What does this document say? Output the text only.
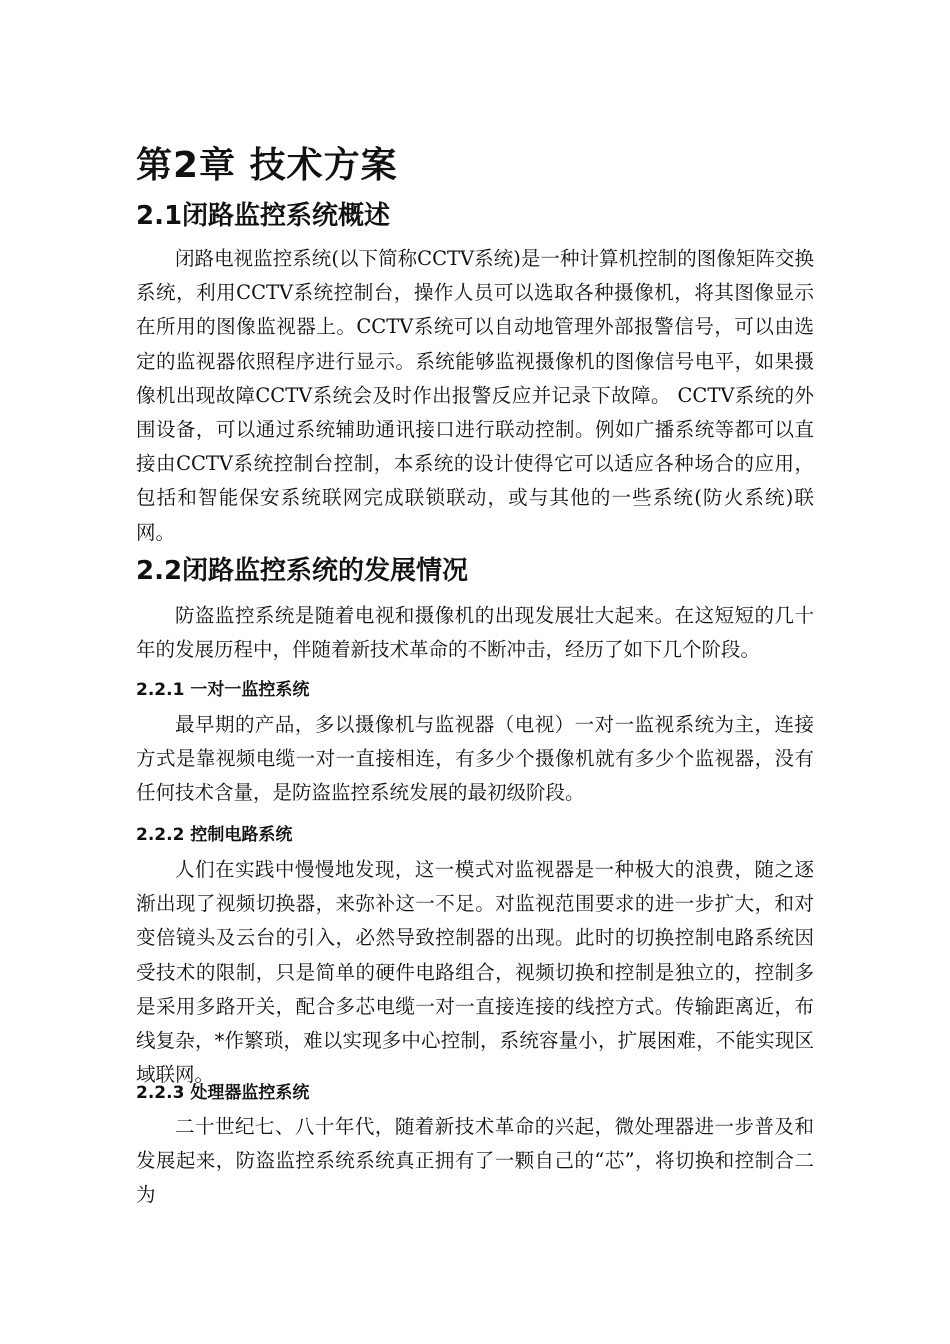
第2章 技术方案
2.1闭路监控系统概述

闭路电视监控系统(以下简称CCTV系统)是一种计算机控制的图像矩阵交换系统，利用CCTV系统控制台，操作人员可以选取各种摄像机，将其图像显示在所用的图像监视器上。CCTV系统可以自动地管理外部报警信号，可以由选定的监视器依照程序进行显示。系统能够监视摄像机的图像信号电平，如果摄像机出现故障CCTV系统会及时作出报警反应并记录下故障。 CCTV系统的外围设备，可以通过系统辅助通讯接口进行联动控制。例如广播系统等都可以直接由CCTV系统控制台控制，本系统的设计使得它可以适应各种场合的应用，包括和智能保安系统联网完成联锁联动，或与其他的一些系统(防火系统)联网。

2.2闭路监控系统的发展情况

防盗监控系统是随着电视和摄像机的出现发展壮大起来。在这短短的几十年的发展历程中，伴随着新技术革命的不断冲击，经历了如下几个阶段。

2.2.1 一对一监控系统

最早期的产品，多以摄像机与监视器（电视）一对一监视系统为主，连接方式是靠视频电缆一对一直接相连，有多少个摄像机就有多少个监视器，没有任何技术含量，是防盗监控系统发展的最初级阶段。

2.2.2 控制电路系统

人们在实践中慢慢地发现，这一模式对监视器是一种极大的浪费，随之逐渐出现了视频切换器，来弥补这一不足。对监视范围要求的进一步扩大，和对变倍镜头及云台的引入，必然导致控制器的出现。此时的切换控制电路系统因受技术的限制，只是简单的硬件电路组合，视频切换和控制是独立的，控制多是采用多路开关，配合多芯电缆一对一直接连接的线控方式。传输距离近，布线复杂，*作繁琐，难以实现多中心控制，系统容量小，扩展困难，不能实现区域联网。

2.2.3 处理器监控系统

二十世纪七、八十年代，随着新技术革命的兴起，微处理器进一步普及和发展起来，防盗监控系统系统真正拥有了一颗自己的“芯”，将切换和控制合二为
